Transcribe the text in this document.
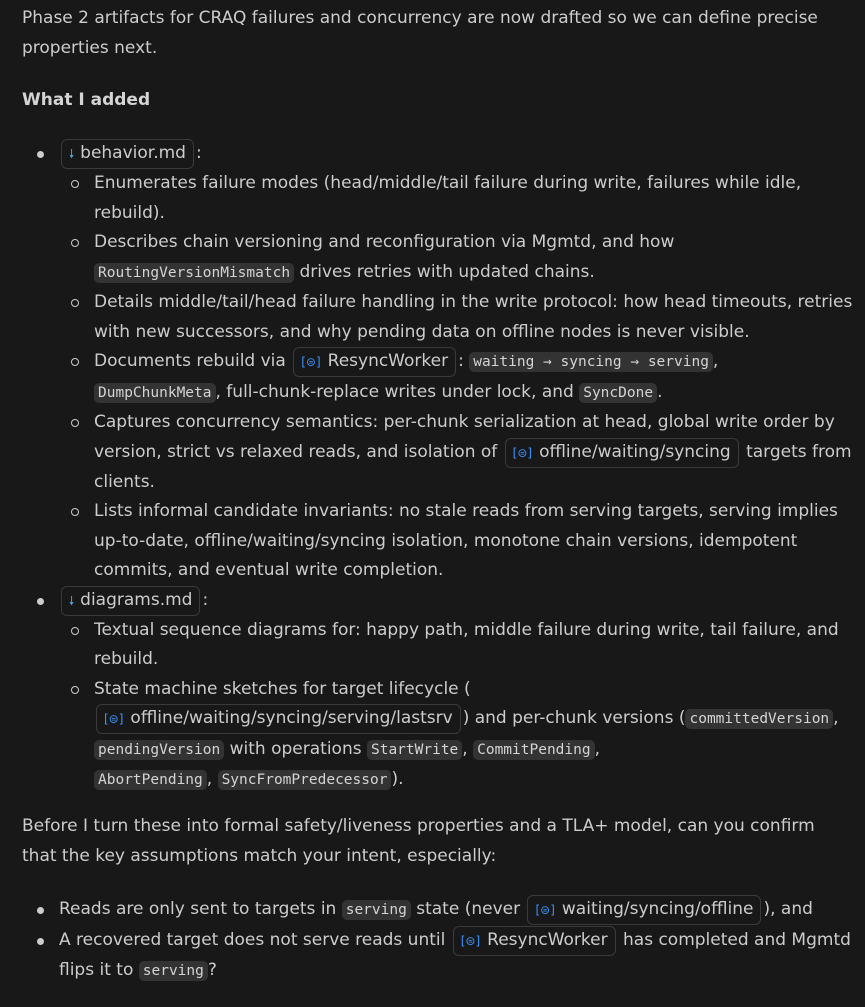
Phase 2 artifacts for CRAQ failures and concurrency are now drafted so we can define precise properties next.

What I added

🠗 behavior.md :
Enumerates failure modes (head/middle/tail failure during write, failures while idle, rebuild).
Describes chain versioning and reconfiguration via Mgmtd, and how
RoutingVersionMismatch drives retries with updated chains.
Details middle/tail/head failure handling in the write protocol: how head timeouts, retries with new successors, and why pending data on offline nodes is never visible.
Documents rebuild via [⊜] ResyncWorker : waiting → syncing → serving ,
DumpChunkMeta , full-chunk-replace writes under lock, and SyncDone .
Captures concurrency semantics: per-chunk serialization at head, global write order by version, strict vs relaxed reads, and isolation of [⊜] offline/waiting/syncing targets from clients.
Lists informal candidate invariants: no stale reads from serving targets, serving implies up-to-date, offline/waiting/syncing isolation, monotone chain versions, idempotent commits, and eventual write completion.
🠗 diagrams.md :
Textual sequence diagrams for: happy path, middle failure during write, tail failure, and rebuild.
State machine sketches for target lifecycle (
[⊜] offline/waiting/syncing/serving/lastsrv ) and per-chunk versions ( committedVersion , pendingVersion with operations StartWrite , CommitPending ,
AbortPending , SyncFromPredecessor ).

Before I turn these into formal safety/liveness properties and a TLA+ model, can you confirm that the key assumptions match your intent, especially:

Reads are only sent to targets in serving state (never [⊜] waiting/syncing/offline ), and
A recovered target does not serve reads until [⊜] ResyncWorker has completed and Mgmtd flips it to serving ?
